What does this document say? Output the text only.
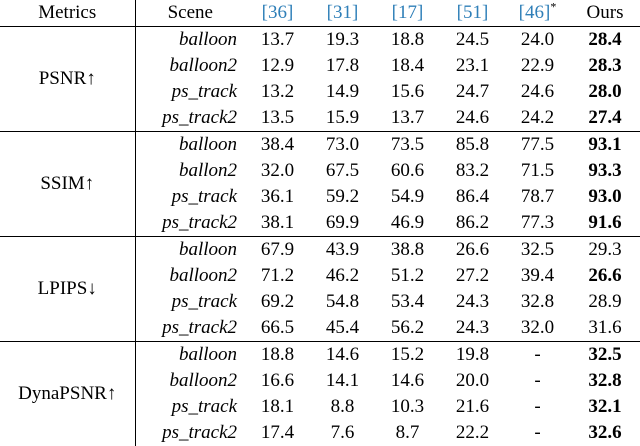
Metrics	Scene	[36]	[31]	[17]	[51]	[46]*	Ours
PSNR↑	balloon	13.7	19.3	18.8	24.5	24.0	28.4
	balloon2	12.9	17.8	18.4	23.1	22.9	28.3
	ps_track	13.2	14.9	15.6	24.7	24.6	28.0
	ps_track2	13.5	15.9	13.7	24.6	24.2	27.4
SSIM↑	balloon	38.4	73.0	73.5	85.8	77.5	93.1
	ballon2	32.0	67.5	60.6	83.2	71.5	93.3
	ps_track	36.1	59.2	54.9	86.4	78.7	93.0
	ps_track2	38.1	69.9	46.9	86.2	77.3	91.6
LPIPS↓	balloon	67.9	43.9	38.8	26.6	32.5	29.3
	balloon2	71.2	46.2	51.2	27.2	39.4	26.6
	ps_track	69.2	54.8	53.4	24.3	32.8	28.9
	ps_track2	66.5	45.4	56.2	24.3	32.0	31.6
DynaPSNR↑	balloon	18.8	14.6	15.2	19.8	-	32.5
	balloon2	16.6	14.1	14.6	20.0	-	32.8
	ps_track	18.1	8.8	10.3	21.6	-	32.1
	ps_track2	17.4	7.6	8.7	22.2	-	32.6
